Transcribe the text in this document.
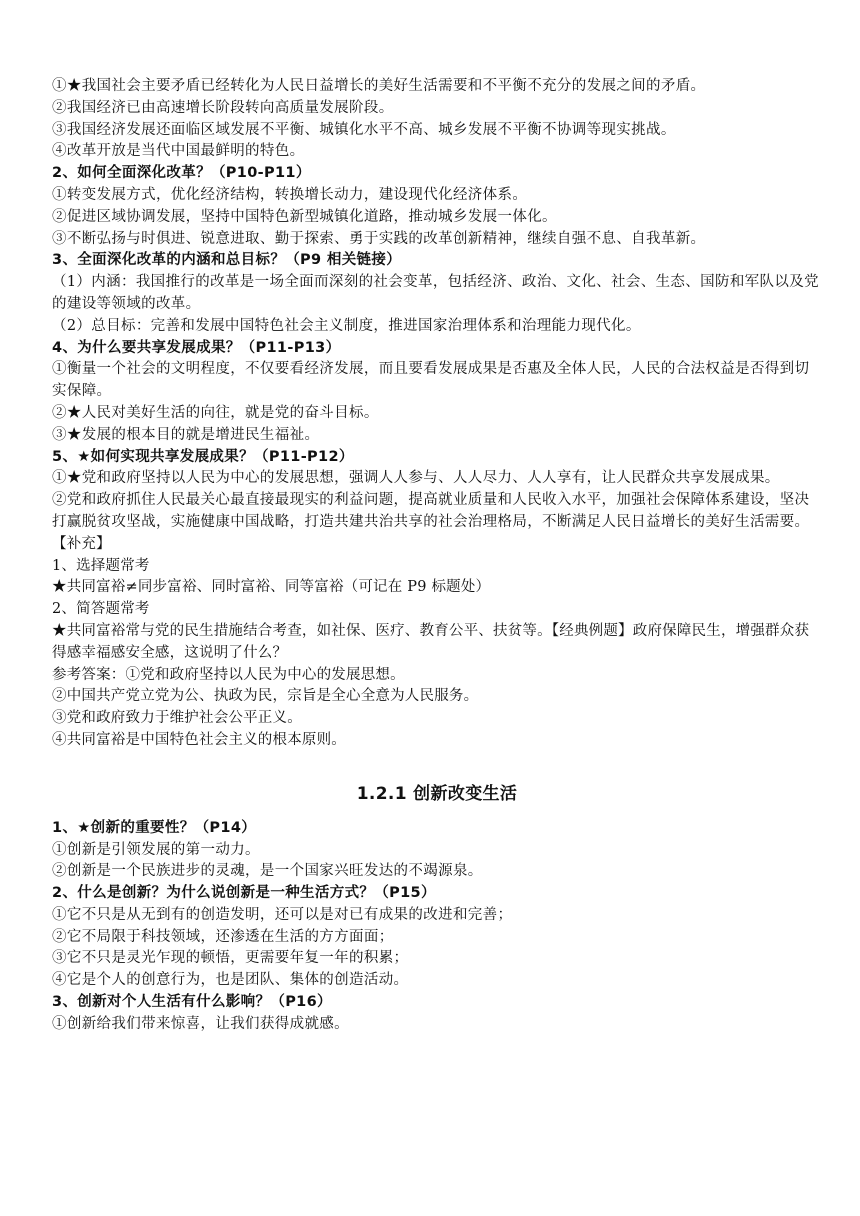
①★我国社会主要矛盾已经转化为人民日益增长的美好生活需要和不平衡不充分的发展之间的矛盾。

②我国经济已由高速增长阶段转向高质量发展阶段。

③我国经济发展还面临区域发展不平衡、城镇化水平不高、城乡发展不平衡不协调等现实挑战。

④改革开放是当代中国最鲜明的特色。

2、如何全面深化改革？（P10-P11）

①转变发展方式，优化经济结构，转换增长动力，建设现代化经济体系。

②促进区域协调发展，坚持中国特色新型城镇化道路，推动城乡发展一体化。

③不断弘扬与时俱进、锐意进取、勤于探索、勇于实践的改革创新精神，继续自强不息、自我革新。

3、全面深化改革的内涵和总目标？（P9 相关链接）

（1）内涵：我国推行的改革是一场全面而深刻的社会变革，包括经济、政治、文化、社会、生态、国防和军队以及党的建设等领域的改革。

（2）总目标：完善和发展中国特色社会主义制度，推进国家治理体系和治理能力现代化。

4、为什么要共享发展成果？（P11-P13）

①衡量一个社会的文明程度，不仅要看经济发展，而且要看发展成果是否惠及全体人民，人民的合法权益是否得到切实保障。

②★人民对美好生活的向往，就是党的奋斗目标。

③★发展的根本目的就是增进民生福祉。

5、★如何实现共享发展成果？（P11-P12）

①★党和政府坚持以人民为中心的发展思想，强调人人参与、人人尽力、人人享有，让人民群众共享发展成果。

②党和政府抓住人民最关心最直接最现实的利益问题，提高就业质量和人民收入水平，加强社会保障体系建设，坚决打赢脱贫攻坚战，实施健康中国战略，打造共建共治共享的社会治理格局，不断满足人民日益增长的美好生活需要。

【补充】

1、选择题常考

★共同富裕≠同步富裕、同时富裕、同等富裕（可记在 P9 标题处）

2、简答题常考

★共同富裕常与党的民生措施结合考查，如社保、医疗、教育公平、扶贫等。【经典例题】政府保障民生，增强群众获得感幸福感安全感，这说明了什么？

参考答案：①党和政府坚持以人民为中心的发展思想。

②中国共产党立党为公、执政为民，宗旨是全心全意为人民服务。

③党和政府致力于维护社会公平正义。

④共同富裕是中国特色社会主义的根本原则。

1.2.1 创新改变生活

1、★创新的重要性？（P14）

①创新是引领发展的第一动力。

②创新是一个民族进步的灵魂，是一个国家兴旺发达的不竭源泉。

2、什么是创新？为什么说创新是一种生活方式？（P15）

①它不只是从无到有的创造发明，还可以是对已有成果的改进和完善；

②它不局限于科技领域，还渗透在生活的方方面面；

③它不只是灵光乍现的顿悟，更需要年复一年的积累；

④它是个人的创意行为，也是团队、集体的创造活动。

3、创新对个人生活有什么影响？（P16）

①创新给我们带来惊喜，让我们获得成就感。
